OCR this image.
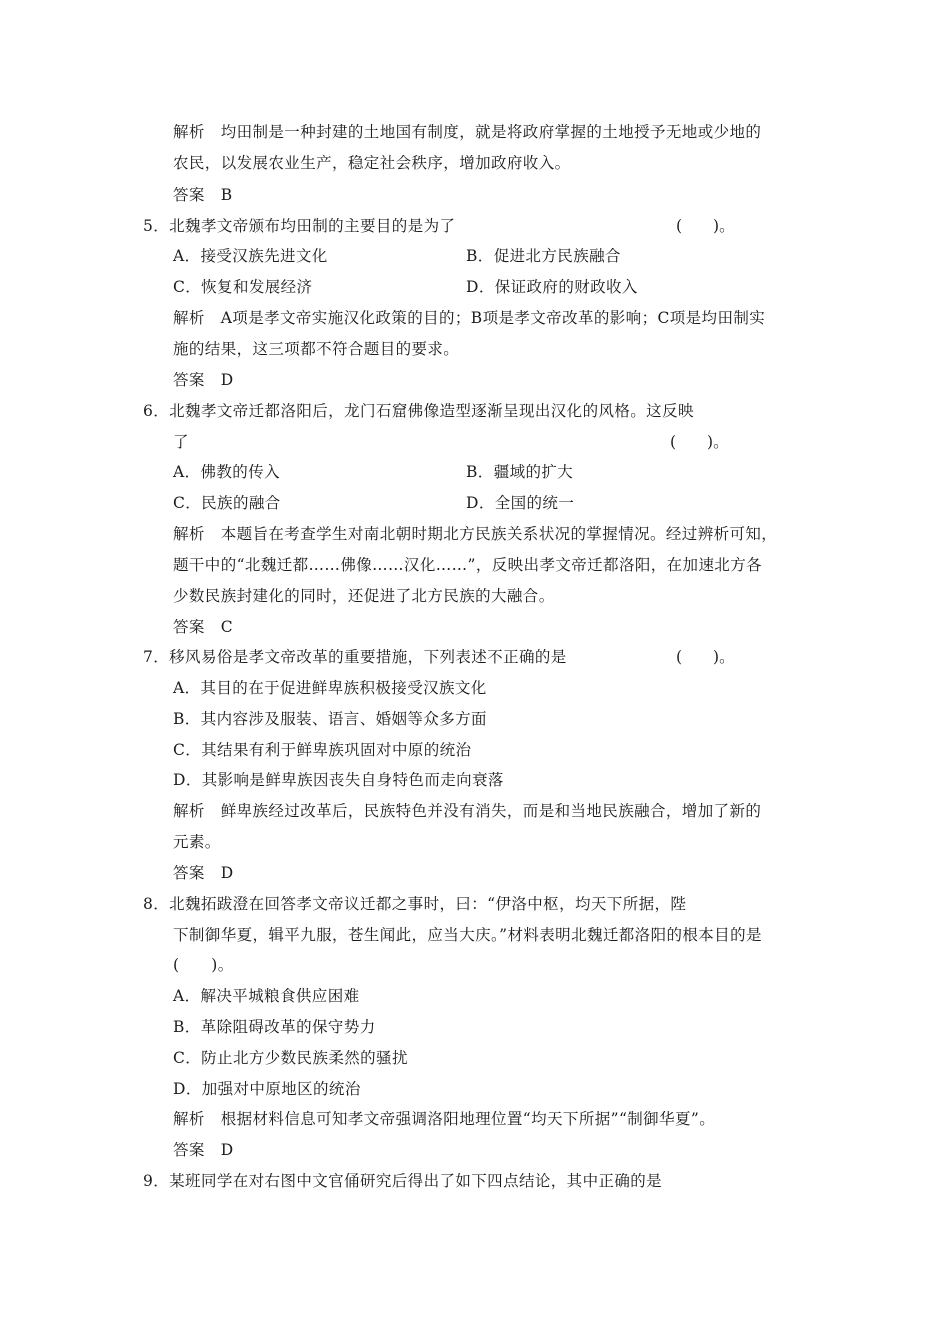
解析　均田制是一种封建的土地国有制度，就是将政府掌握的土地授予无地或少地的
农民，以发展农业生产，稳定社会秩序，增加政府收入。
答案　B
5．北魏孝文帝颁布均田制的主要目的是为了	(　　)。
A．接受汉族先进文化	B．促进北方民族融合
C．恢复和发展经济	D．保证政府的财政收入
解析　A项是孝文帝实施汉化政策的目的；B项是孝文帝改革的影响；C项是均田制实
施的结果，这三项都不符合题目的要求。
答案　D
6．北魏孝文帝迁都洛阳后，龙门石窟佛像造型逐渐呈现出汉化的风格。这反映
了	(　　)。
A．佛教的传入	B．疆域的扩大
C．民族的融合	D．全国的统一
解析　本题旨在考查学生对南北朝时期北方民族关系状况的掌握情况。经过辨析可知，
题干中的“北魏迁都……佛像……汉化……”，反映出孝文帝迁都洛阳，在加速北方各
少数民族封建化的同时，还促进了北方民族的大融合。
答案　C
7．移风易俗是孝文帝改革的重要措施，下列表述不正确的是	(　　)。
A．其目的在于促进鲜卑族积极接受汉族文化
B．其内容涉及服装、语言、婚姻等众多方面
C．其结果有利于鲜卑族巩固对中原的统治
D．其影响是鲜卑族因丧失自身特色而走向衰落
解析　鲜卑族经过改革后，民族特色并没有消失，而是和当地民族融合，增加了新的
元素。
答案　D
8．北魏拓跋澄在回答孝文帝议迁都之事时，曰：“伊洛中枢，均天下所据，陛
下制御华夏，辑平九服，苍生闻此，应当大庆。”材料表明北魏迁都洛阳的根本目的是
(　　)。
A．解决平城粮食供应困难
B．革除阻碍改革的保守势力
C．防止北方少数民族柔然的骚扰
D．加强对中原地区的统治
解析　根据材料信息可知孝文帝强调洛阳地理位置“均天下所据”“制御华夏”。
答案　D
9．某班同学在对右图中文官俑研究后得出了如下四点结论，其中正确的是
